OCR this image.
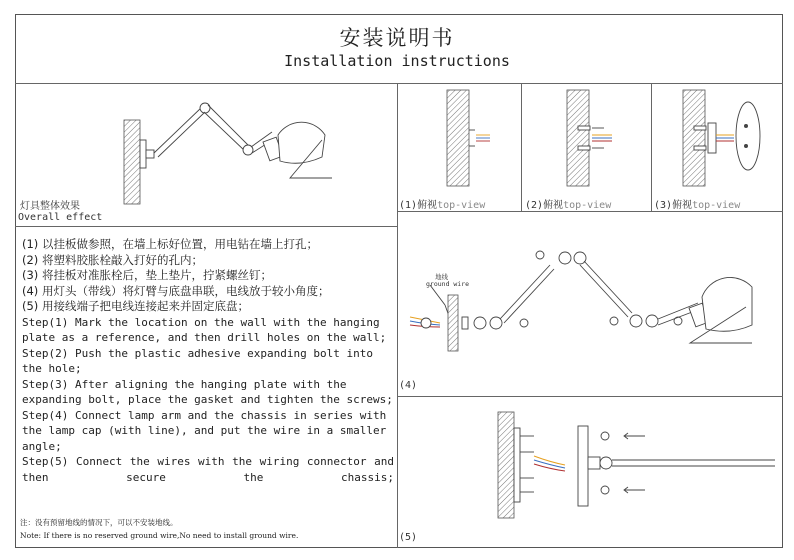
安装说明书
Installation instructions
灯具整体效果
Overall effect
(1)俯视top-view	(2)俯视top-view	(3)俯视top-view
地线
ground wire
(4)
(5)

(1) 以挂板做参照，在墙上标好位置，用电钻在墙上打孔；

(2) 将塑料胶胀栓敲入打好的孔内；

(3) 将挂板对准胀栓后，垫上垫片，拧紧螺丝钉；

(4) 用灯头（带线）将灯臂与底盘串联，电线放于较小角度；

(5) 用接线端子把电线连接起来并固定底盘；

Step(1) Mark the location on the wall with the hanging plate as a reference, and then drill holes on the wall;

Step(2) Push the plastic adhesive expanding bolt into the hole;

Step(3) After aligning the hanging plate with the expanding bolt, place the gasket and tighten the screws;

Step(4) Connect lamp arm and the chassis in series with the lamp cap (with line), and put the wire in a smaller angle;

Step(5) Connect the wires with the wiring connector and then secure the chassis;

注：没有预留地线的情况下，可以不安装地线。
Note: If there is no reserved ground wire,No need to install ground wire.
